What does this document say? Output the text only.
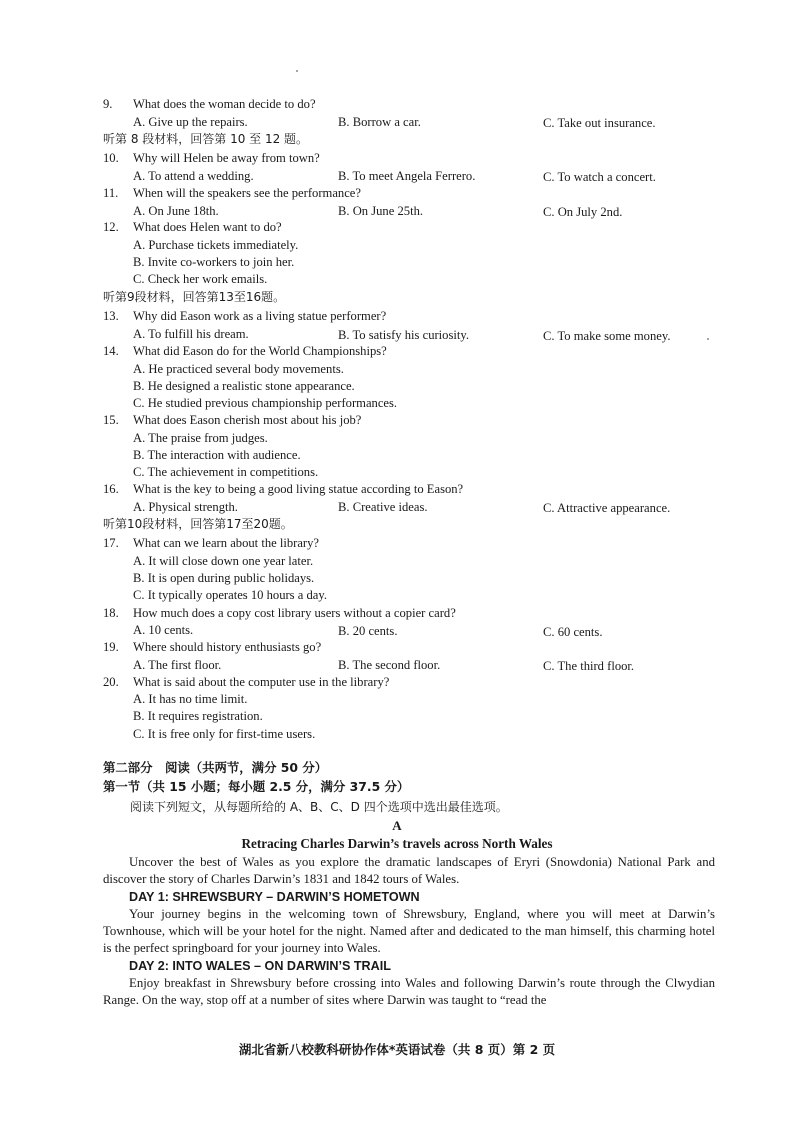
9. What does the woman decide to do?
A. Give up the repairs.	B. Borrow a car.	C. Take out insurance.
听第 8 段材料，回答第 10 至 12 题。
10. Why will Helen be away from town?
A. To attend a wedding.	B. To meet Angela Ferrero.	C. To watch a concert.
11. When will the speakers see the performance?
A. On June 18th.	B. On June 25th.	C. On July 2nd.
12. What does Helen want to do?
A. Purchase tickets immediately.
B. Invite co-workers to join her.
C. Check her work emails.
听第9段材料，回答第13至16题。
13. Why did Eason work as a living statue performer?
A. To fulfill his dream.	B. To satisfy his curiosity.	C. To make some money.
14. What did Eason do for the World Championships?
A. He practiced several body movements.
B. He designed a realistic stone appearance.
C. He studied previous championship performances.
15. What does Eason cherish most about his job?
A. The praise from judges.
B. The interaction with audience.
C. The achievement in competitions.
16. What is the key to being a good living statue according to Eason?
A. Physical strength.	B. Creative ideas.	C. Attractive appearance.
听第10段材料，回答第17至20题。
17. What can we learn about the library?
A. It will close down one year later.
B. It is open during public holidays.
C. It typically operates 10 hours a day.
18. How much does a copy cost library users without a copier card?
A. 10 cents.	B. 20 cents.	C. 60 cents.
19. Where should history enthusiasts go?
A. The first floor.	B. The second floor.	C. The third floor.
20. What is said about the computer use in the library?
A. It has no time limit.
B. It requires registration.
C. It is free only for first-time users.
第二部分　阅读（共两节，满分 50 分）
第一节（共 15 小题；每小题 2.5 分，满分 37.5 分）
阅读下列短文，从每题所给的 A、B、C、D 四个选项中选出最佳选项。
A
Retracing Charles Darwin’s travels across North Wales
Uncover the best of Wales as you explore the dramatic landscapes of Eryri (Snowdonia) National Park and discover the story of Charles Darwin’s 1831 and 1842 tours of Wales.
DAY 1: SHREWSBURY – DARWIN’S HOMETOWN
Your journey begins in the welcoming town of Shrewsbury, England, where you will meet at Darwin’s Townhouse, which will be your hotel for the night. Named after and dedicated to the man himself, this charming hotel is the perfect springboard for your journey into Wales.
DAY 2: INTO WALES – ON DARWIN’S TRAIL
Enjoy breakfast in Shrewsbury before crossing into Wales and following Darwin’s route through the Clwydian Range. On the way, stop off at a number of sites where Darwin was taught to “read the
湖北省新八校教科研协作体*英语试卷（共 8 页）第 2 页
